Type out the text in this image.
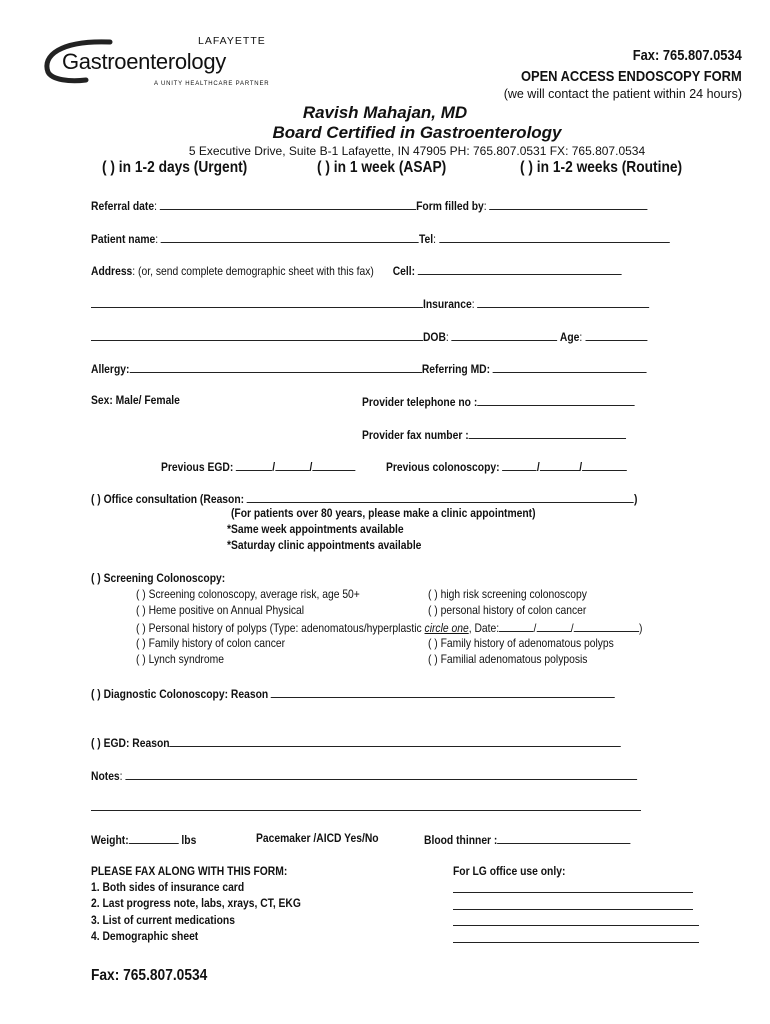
LAFAYETTE
Gastroenterology
A UNITY HEALTHCARE PARTNER
Fax: 765.807.0534
OPEN ACCESS ENDOSCOPY FORM
(we will contact the patient within 24 hours)
Ravish Mahajan, MD
Board Certified in Gastroenterology
5 Executive Drive, Suite B-1 Lafayette, IN 47905 PH: 765.807.0531 FX: 765.807.0534
( ) in 1-2 days (Urgent)	( ) in 1 week (ASAP)	( ) in 1-2 weeks (Routine)
Referral date:	Form filled by:
Patient name:	Tel:
Address: (or, send complete demographic sheet with this fax) Cell:
Insurance:
DOB:	Age:
Allergy:	Referring MD:
Sex: Male/ Female	Provider telephone no :
Provider fax number :
Previous EGD:	/	/	Previous colonoscopy:	/	/
( ) Office consultation (Reason:	)
(For patients over 80 years, please make a clinic appointment)
*Same week appointments available
*Saturday clinic appointments available
( ) Screening Colonoscopy:
( ) Screening colonoscopy, average risk, age 50+
( ) Heme positive on Annual Physical
( ) Personal history of polyps (Type: adenomatous/hyperplastic circle one, Date:	/	/	)
( ) Family history of colon cancer
( ) Lynch syndrome
( ) high risk screening colonoscopy
( ) personal history of colon cancer
( ) Family history of adenomatous polyps
( ) Familial adenomatous polyposis
( ) Diagnostic Colonoscopy: Reason
( ) EGD: Reason
Notes:
Weight:	lbs	Pacemaker /AICD Yes/No	Blood thinner :
PLEASE FAX ALONG WITH THIS FORM:
1. Both sides of insurance card
2. Last progress note, labs, xrays, CT, EKG
3. List of current medications
4. Demographic sheet
For LG office use only:
Fax: 765.807.0534
